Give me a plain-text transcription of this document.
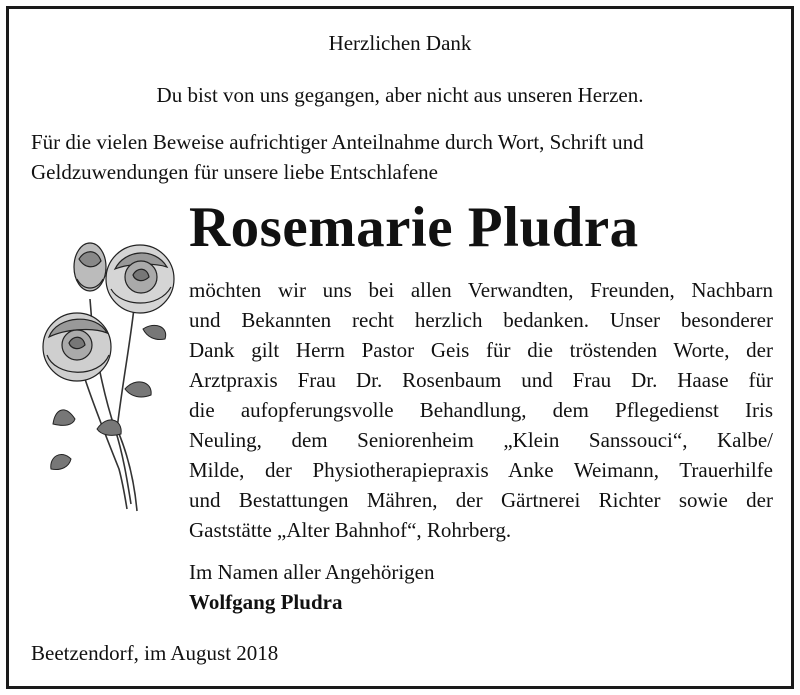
Herzlichen Dank
Du bist von uns gegangen, aber nicht aus unseren Herzen.
Für die vielen Beweise aufrichtiger Anteilnahme durch Wort, Schrift und
Geldzuwendungen für unsere liebe Entschlafene
Rosemarie Pludra
möchten wir uns bei allen Verwandten, Freunden, Nachbarn
und Bekannten recht herzlich bedanken. Unser besonderer
Dank gilt Herrn Pastor Geis für die tröstenden Worte, der
Arztpraxis Frau Dr. Rosenbaum und Frau Dr. Haase für
die aufopferungsvolle Behandlung, dem Pflegedienst Iris
Neuling, dem Seniorenheim „Klein Sanssouci“, Kalbe/
Milde, der Physiotherapiepraxis Anke Weimann, Trauerhilfe
und Bestattungen Mähren, der Gärtnerei Richter sowie der
Gaststätte „Alter Bahnhof“, Rohrberg.
Im Namen aller Angehörigen
Wolfgang Pludra
Beetzendorf, im August 2018
